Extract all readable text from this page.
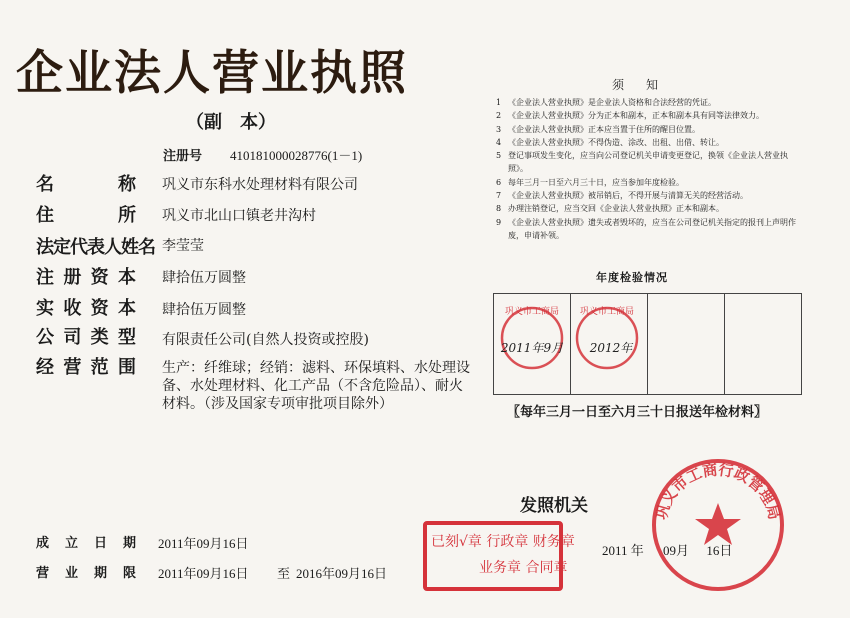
企业法人营业执照
（副　本）
注册号 410181000028776(1－1)
名称 巩义市东科水处理材料有限公司
住所 巩义市北山口镇老井沟村
法定代表人姓名 李莹莹
注册资本 肆拾伍万圆整
实收资本 肆拾伍万圆整
公司类型 有限责任公司(自然人投资或控股)
经营范围 生产：纤维球；经销：滤料、环保填料、水处理设备、水处理材料、化工产品（不含危险品）、耐火材料。（涉及国家专项审批项目除外）
成立日期 2011年09月16日
营业期限 2011年09月16日 至 2016年09月16日
须知
1 《企业法人营业执照》是企业法人资格和合法经营的凭证。
2 《企业法人营业执照》分为正本和副本，正本和副本具有同等法律效力。
3 《企业法人营业执照》正本应当置于住所的醒目位置。
4 《企业法人营业执照》不得伪造、涂改、出租、出借、转让。
5 登记事项发生变化，应当向公司登记机关申请变更登记，换领《企业法人营业执照》。
6 每年三月一日至六月三十日，应当参加年度检验。
7 《企业法人营业执照》被吊销后，不得开展与清算无关的经营活动。
8 办理注销登记，应当交回《企业法人营业执照》正本和副本。
9 《企业法人营业执照》遗失或者毁坏的，应当在公司登记机关指定的报刊上声明作废，申请补领。
年度检验情况
巩义市工商局
2011年9月
巩义市工商局
2012年
〖每年三月一日至六月三十日报送年检材料〗
发照机关
2011 年 09月 16日
巩义市工商行政管理局
已刻√章 行政章 财务章
业务章 合同章
